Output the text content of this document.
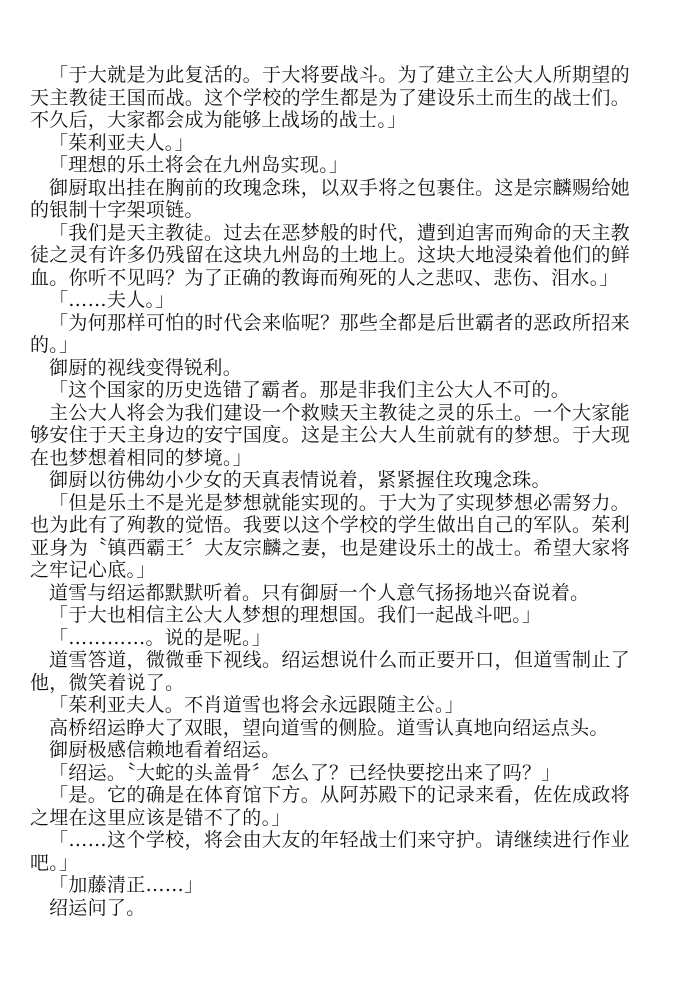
「于大就是为此复活的。于大将要战斗。为了建立主公大人所期望的天主教徒王国而战。这个学校的学生都是为了建设乐土而生的战士们。不久后，大家都会成为能够上战场的战士。」

「茱利亚夫人。」

「理想的乐土将会在九州岛实现。」

御厨取出挂在胸前的玫瑰念珠，以双手将之包裹住。这是宗麟赐给她的银制十字架项链。

「我们是天主教徒。过去在恶梦般的时代，遭到迫害而殉命的天主教徒之灵有许多仍残留在这块九州岛的土地上。这块大地浸染着他们的鲜血。你听不见吗？为了正确的教诲而殉死的人之悲叹、悲伤、泪水。」

「……夫人。」

「为何那样可怕的时代会来临呢？那些全都是后世霸者的恶政所招来的。」

御厨的视线变得锐利。

「这个国家的历史选错了霸者。那是非我们主公大人不可的。

主公大人将会为我们建设一个救赎天主教徒之灵的乐土。一个大家能够安住于天主身边的安宁国度。这是主公大人生前就有的梦想。于大现在也梦想着相同的梦境。」

御厨以彷佛幼小少女的天真表情说着，紧紧握住玫瑰念珠。

「但是乐土不是光是梦想就能实现的。于大为了实现梦想必需努力。也为此有了殉教的觉悟。我要以这个学校的学生做出自己的军队。茱利亚身为〝镇西霸王〞大友宗麟之妻，也是建设乐土的战士。希望大家将之牢记心底。」

道雪与绍运都默默听着。只有御厨一个人意气扬扬地兴奋说着。

「于大也相信主公大人梦想的理想国。我们一起战斗吧。」

「…………。说的是呢。」

道雪答道，微微垂下视线。绍运想说什么而正要开口，但道雪制止了他，微笑着说了。

「茱利亚夫人。不肖道雪也将会永远跟随主公。」

高桥绍运睁大了双眼，望向道雪的侧脸。道雪认真地向绍运点头。

御厨极感信赖地看着绍运。

「绍运。〝大蛇的头盖骨〞怎么了？已经快要挖出来了吗？」

「是。它的确是在体育馆下方。从阿苏殿下的记录来看，佐佐成政将之埋在这里应该是错不了的。」

「……这个学校，将会由大友的年轻战士们来守护。请继续进行作业吧。」

「加藤清正……」

绍运问了。
